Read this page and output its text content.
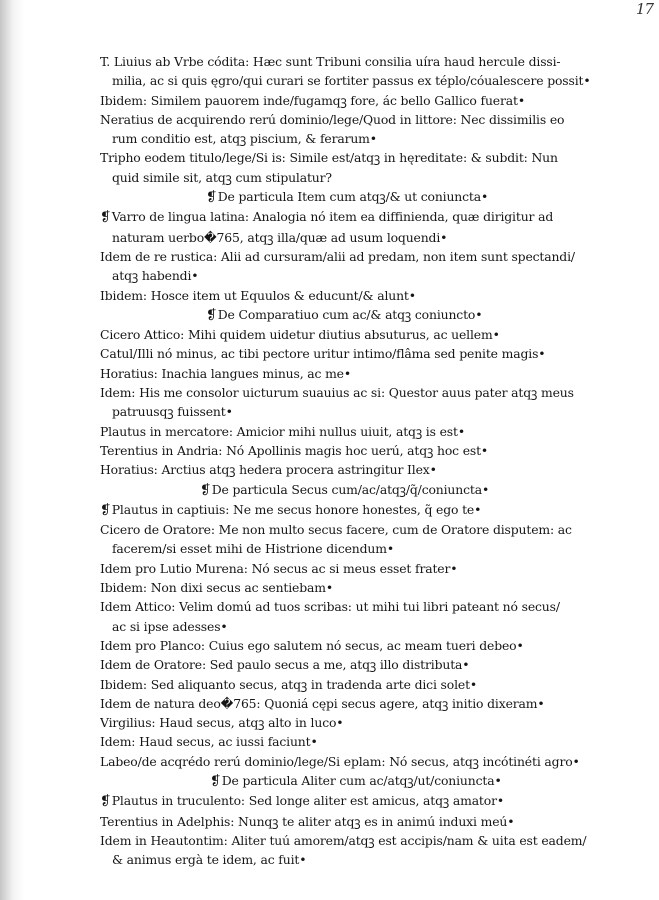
17
T. Liuius ab Vrbe códita: Hæc sunt Tribuni consilia uíra haud hercule dissi-
milia, ac si quis ęgro/qui curari se fortiter passus ex téplo/cóualescere possit•
Ibidem: Similem pauorem inde/fugamqꝫ fore, ác bello Gallico fuerat•
Neratius de acquirendo rerú dominio/lege/Quod in littore: Nec dissimilis eo
rum conditio est, atqꝫ piscium, & ferarum•
Tripho eodem titulo/lege/Si is: Simile est/atqꝫ in hęreditate: & subdit: Nun
quid simile sit, atqꝫ cum stipulatur?
❡De particula Item cum atqꝫ/& ut coniuncta•
❡Varro de lingua latina: Analogia nó item ea diffinienda, quæ dirigitur ad
naturam uerbo�765, atqꝫ illa/quæ ad usum loquendi•
Idem de re rustica: Alii ad cursuram/alii ad predam, non item sunt spectandi/
atqꝫ habendi•
Ibidem: Hosce item ut Equulos & educunt/& alunt•
❡De Comparatiuo cum ac/& atqꝫ coniuncto•
Cicero Attico: Mihi quidem uidetur diutius absuturus, ac uellem•
Catul/Illi nó minus, ac tibi pectore uritur intimo/flâma sed penite magis•
Horatius: Inachia langues minus, ac me•
Idem: His me consolor uicturum suauius ac si: Questor auus pater atqꝫ meus
patruusqꝫ fuissent•
Plautus in mercatore: Amicior mihi nullus uiuit, atqꝫ is est•
Terentius in Andria: Nó Apollinis magis hoc uerú, atqꝫ hoc est•
Horatius: Arctius atqꝫ hedera procera astringitur Ilex•
❡De particula Secus cum/ac/atqꝫ/q̃/coniuncta•
❡Plautus in captiuis: Ne me secus honore honestes, q̃ ego te•
Cicero de Oratore: Me non multo secus facere, cum de Oratore disputem: ac
facerem/si esset mihi de Histrione dicendum•
Idem pro Lutio Murena: Nó secus ac si meus esset frater•
Ibidem: Non dixi secus ac sentiebam•
Idem Attico: Velim domú ad tuos scribas: ut mihi tui libri pateant nó secus/
ac si ipse adesses•
Idem pro Planco: Cuius ego salutem nó secus, ac meam tueri debeo•
Idem de Oratore: Sed paulo secus a me, atqꝫ illo distributa•
Ibidem: Sed aliquanto secus, atqꝫ in tradenda arte dici solet•
Idem de natura deo�765: Quoniá cępi secus agere, atqꝫ initio dixeram•
Virgilius: Haud secus, atqꝫ alto in luco•
Idem: Haud secus, ac iussi faciunt•
Labeo/de acqrédo rerú dominio/lege/Si eplam: Nó secus, atqꝫ incótinéti agro•
❡De particula Aliter cum ac/atqꝫ/ut/coniuncta•
❡Plautus in truculento: Sed longe aliter est amicus, atqꝫ amator•
Terentius in Adelphis: Nunqꝫ te aliter atqꝫ es in animú induxi meú•
Idem in Heautontim: Aliter tuú amorem/atqꝫ est accipis/nam & uita est eadem/
& animus ergà te idem, ac fuit•
